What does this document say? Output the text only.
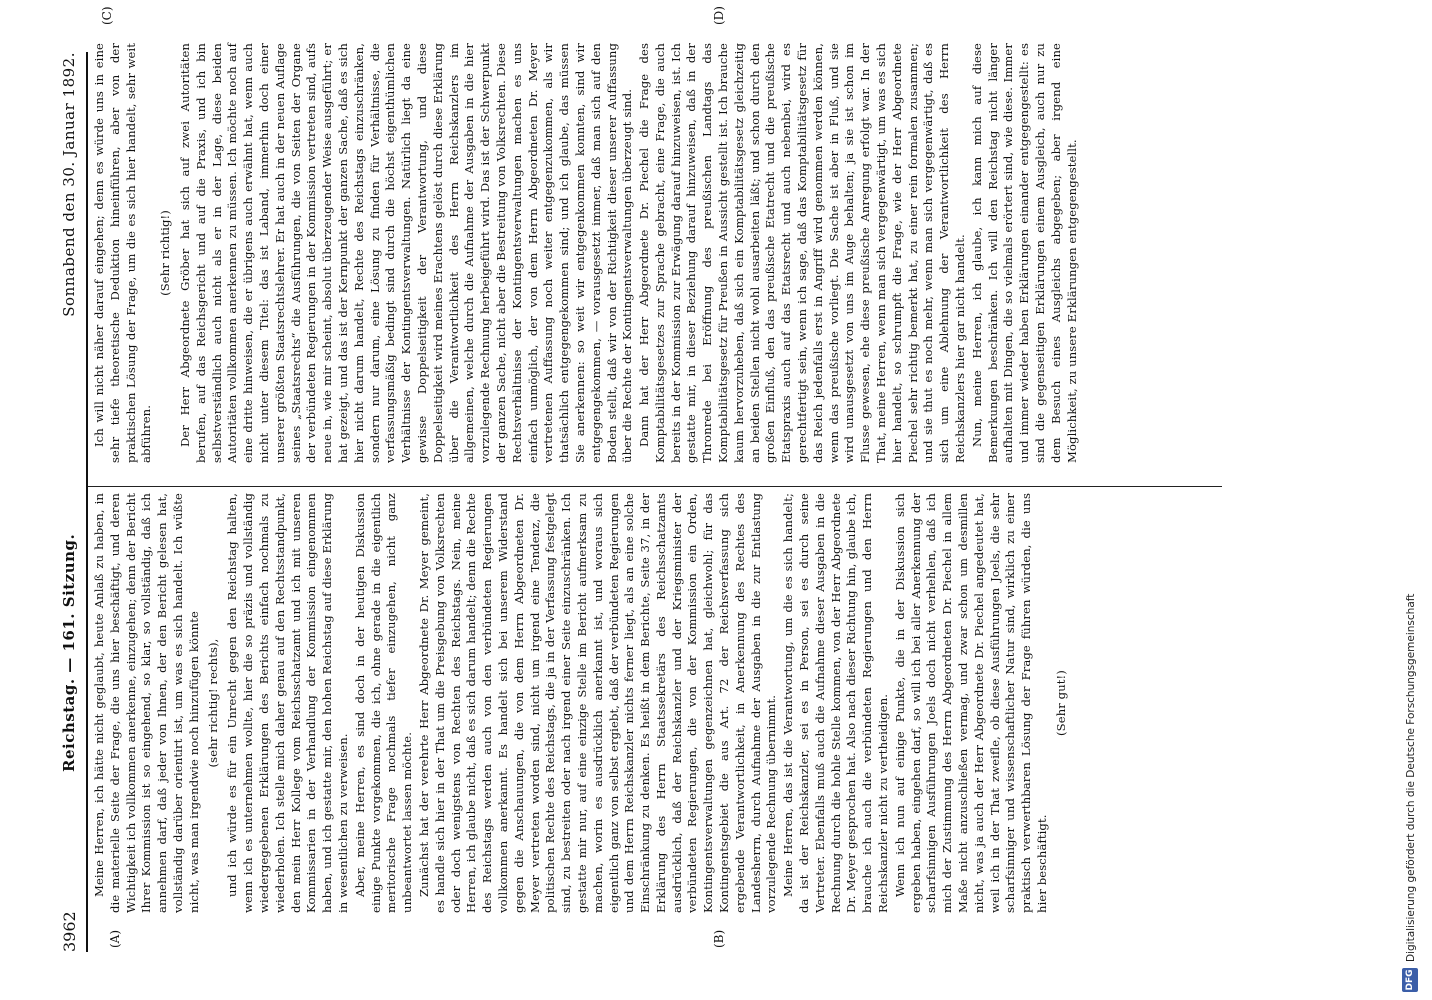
3962
Reichstag. — 161. Sitzung.
Sonnabend den 30. Januar 1892.
(A)	(B)
(C)	(D)

Meine Herren, ich hätte nicht geglaubt, heute Anlaß zu haben, in die materielle Seite der Frage, die uns hier beschäftigt, und deren Wichtigkeit ich vollkommen anerkenne, einzugehen; denn der Bericht Ihrer Kommission ist so eingehend, so klar, so vollständig, daß ich annehmen darf, daß jeder von Ihnen, der den Bericht gelesen hat, vollständig darüber orientirt ist, um was es sich handelt. Ich wüßte nicht, was man irgendwie noch hinzufügen könnte (sehr richtig! rechts), und ich würde es für ein Unrecht gegen den Reichstag halten, wenn ich es unternehmen wollte, hier die so präzis und vollständig wiedergegebenen Erklärungen des Berichts einfach nochmals zu wiederholen. Ich stelle mich daher genau auf den Rechtsstandpunkt, den mein Herr Kollege vom Reichsschatzamt und ich mit unseren Kommissarien in der Verhandlung der Kommission eingenommen haben, und ich gestatte mir, den hohen Reichstag auf diese Erklärung in wesentlichen zu verweisen. Aber, meine Herren, es sind doch in der heutigen Diskussion einige Punkte vorgekommen, die ich, ohne gerade in die eigentlich meritorische Frage nochmals tiefer einzugehen, nicht ganz unbeantwortet lassen möchte. Zunächst hat der verehrte Herr Abgeordnete Dr. Meyer gemeint, es handle sich hier in der That um die Preisgebung von Volksrechten oder doch wenigstens von Rechten des Reichstags. Nein, meine Herren, ich glaube nicht, daß es sich darum handelt; denn die Rechte des Reichstags werden auch von den verbündeten Regierungen vollkommen anerkannt. Es handelt sich bei unserem Widerstand gegen die Anschauungen, die von dem Herrn Abgeordneten Dr. Meyer vertreten worden sind, nicht um irgend eine Tendenz, die politischen Rechte des Reichstags, die ja in der Verfassung festgelegt sind, zu bestreiten oder nach irgend einer Seite einzuschränken. Ich gestatte mir nur, auf eine einzige Stelle im Bericht aufmerksam zu machen, worin es ausdrücklich anerkannt ist, und woraus sich eigentlich ganz von selbst ergiebt, daß der verbündeten Regierungen und dem Herrn Reichskanzler nichts ferner liegt, als an eine solche Einschränkung zu denken. Es heißt in dem Berichte, Seite 37, in der Erklärung des Herrn Staatssekretärs des Reichsschatzamts ausdrücklich, daß der Reichskanzler und der Kriegsminister der verbündeten Regierungen, die von der Kommission ein Orden, Kontingentsverwaltungen gegenzeichnen hat, gleichwohl; für das Kontingentsgebiet die aus Art. 72 der Reichsverfassung sich ergebende Verantwortlichkeit, in Anerkennung des Rechtes des Landesherrn, durch Aufnahme der Ausgaben in die zur Entlastung vorzulegende Rechnung übernimmt. Meine Herren, das ist die Verantwortung, um die es sich handelt; da ist der Reichskanzler, sei es in Person, sei es durch seine Vertreter. Ebenfalls muß auch die Aufnahme dieser Ausgaben in die Rechnung durch die hohle Stelle kommen, von der Herr Abgeordnete Dr. Meyer gesprochen hat. Also nach dieser Richtung hin, glaube ich, brauche ich auch die verbündeten Regierungen und den Herrn Reichskanzler nicht zu vertheidigen. Wenn ich nun auf einige Punkte, die in der Diskussion sich ergeben haben, eingehen darf, so will ich bei aller Anerkennung der scharfsinnigen Ausführungen Joels doch nicht verhehlen, daß ich mich der Zustimmung des Herrn Abgeordneten Dr. Piechel in allem Maße nicht anzuschließen vermag, und zwar schon um desmillen nicht, was ja auch der Herr Abgeordnete Dr. Piechel angedeutet hat, weil ich in der That zweifle, ob diese Ausführungen Joels, die sehr scharfsinniger und wissenschaftlicher Natur sind, wirklich zu einer praktisch verwerthbaren Lösung der Frage führen würden, die uns hier beschäftigt.

(Sehr gut!)

Ich will nicht näher darauf eingehen; denn es würde uns in eine sehr tiefe theoretische Deduktion hineinführen, aber von der praktischen Lösung der Frage, um die es sich hier handelt, sehr weit abführen.

(Sehr richtig!) Der Herr Abgeordnete Gröber hat sich auf zwei Autoritäten berufen, auf das Reichsgericht und auf die Praxis, und ich bin selbstverständlich auch nicht als er in der Lage, diese beiden Autoritäten vollkommen anerkennen zu müssen. Ich möchte noch auf eine dritte hinweisen, die er übrigens auch erwähnt hat, wenn auch nicht unter diesem Titel: das ist Laband, immerhin doch einer unserer größten Staatsrechtslehrer. Er hat auch in der neuen Auflage seines „Staatsrechts“ die Ausführungen, die von Seiten der Organe der verbündeten Regierungen in der Kommission vertreten sind, aufs neue in, wie mir scheint, absolut überzeugender Weise ausgeführt; er hat gezeigt, und das ist der Kernpunkt der ganzen Sache, daß es sich hier nicht darum handelt, Rechte des Reichstags einzuschränken, sondern nur darum, eine Lösung zu finden für Verhältnisse, die verfassungsmäßig bedingt sind durch die höchst eigenthümlichen Verhältnisse der Kontingentsverwaltungen. Natürlich liegt da eine gewisse Doppelseitigkeit der Verantwortung, und diese Doppelseitigkeit wird meines Erachtens gelöst durch diese Erklärung über die Verantwortlichkeit des Herrn Reichskanzlers im allgemeinen, welche durch die Aufnahme der Ausgaben in die hier vorzulegende Rechnung herbeigeführt wird. Das ist der Schwerpunkt der ganzen Sache, nicht aber die Bestreitung von Volksrechten. Diese Rechtsverhältnisse der Kontingentsverwaltungen machen es uns einfach unmöglich, der von dem Herrn Abgeordneten Dr. Meyer vertretenen Auffassung noch weiter entgegenzukommen, als wir thatsächlich entgegengekommen sind; und ich glaube, das müssen Sie anerkennen: so weit wir entgegenkommen konnten, sind wir entgegengekommen, — vorausgesetzt immer, daß man sich auf den Boden stellt, daß wir von der Richtigkeit dieser unserer Auffassung über die Rechte der Kontingentsverwaltungen überzeugt sind. Dann hat der Herr Abgeordnete Dr. Piechel die Frage des Komptabilitätsgesetzes zur Sprache gebracht, eine Frage, die auch bereits in der Kommission zur Erwägung darauf hinzuweisen, ist. Ich gestatte mir, in dieser Beziehung darauf hinzuweisen, daß in der Thronrede bei Eröffnung des preußischen Landtags das Komptabilitätsgesetz für Preußen in Aussicht gestellt ist. Ich brauche kaum hervorzuheben, daß sich ein Komptabilitätsgesetz gleichzeitig an beiden Stellen nicht wohl ausarbeiten läßt; und schon durch den großen Einfluß, den das preußische Etatrecht und die preußische Etatspraxis auch auf das Etatsrecht und auch nebenbei, wird es gerechtfertigt sein, wenn ich sage, daß das Komptabilitätsgesetz für das Reich jedenfalls erst in Angriff wird genommen werden können, wenn das preußische vorliegt. Die Sache ist aber in Fluß, und sie wird unausgesetzt von uns im Auge behalten; ja sie ist schon im Flusse gewesen, ehe diese preußische Anregung erfolgt war. In der That, meine Herren, wenn man sich vergegenwärtigt, um was es sich hier handelt, so schrumpft die Frage, wie der Herr Abgeordnete Piechel sehr richtig bemerkt hat, zu einer rein formalen zusammen; und sie thut es noch mehr, wenn man sich vergegenwärtigt, daß es sich um eine Ablehnung der Verantwortlichkeit des Herrn Reichskanzlers hier gar nicht handelt. Nun, meine Herren, ich glaube, ich kann mich auf diese Bemerkungen beschränken. Ich will den Reichstag nicht länger aufhalten mit Dingen, die so vielmals erörtert sind, wie diese. Immer und immer wieder haben Erklärungen einander entgegengestellt: es sind die gegenseitigen Erklärungen einem Ausgleich, auch nur zu dem Besuch eines Ausgleichs abgegeben; aber irgend eine Möglichkeit, zu unsere Erklärungen entgegengestellt.

DFG
Digitalisierung gefördert durch die Deutsche Forschungsgemeinschaft
